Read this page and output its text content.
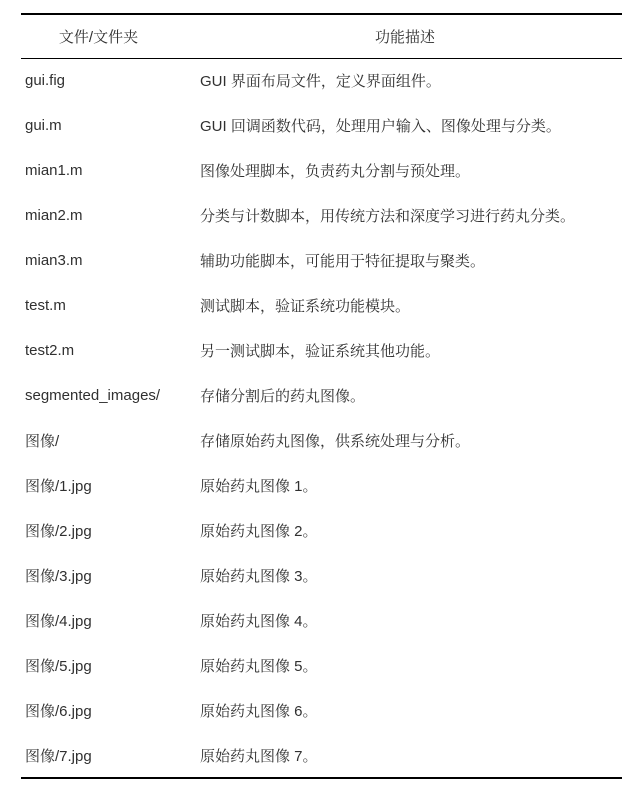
文件/文件夹	功能描述
gui.fig	GUI 界面布局文件，定义界面组件。
gui.m	GUI 回调函数代码，处理用户输入、图像处理与分类。
mian1.m	图像处理脚本，负责药丸分割与预处理。
mian2.m	分类与计数脚本，用传统方法和深度学习进行药丸分类。
mian3.m	辅助功能脚本，可能用于特征提取与聚类。
test.m	测试脚本，验证系统功能模块。
test2.m	另一测试脚本，验证系统其他功能。
segmented_images/	存储分割后的药丸图像。
图像/	存储原始药丸图像，供系统处理与分析。
图像/1.jpg	原始药丸图像 1。
图像/2.jpg	原始药丸图像 2。
图像/3.jpg	原始药丸图像 3。
图像/4.jpg	原始药丸图像 4。
图像/5.jpg	原始药丸图像 5。
图像/6.jpg	原始药丸图像 6。
图像/7.jpg	原始药丸图像 7。
